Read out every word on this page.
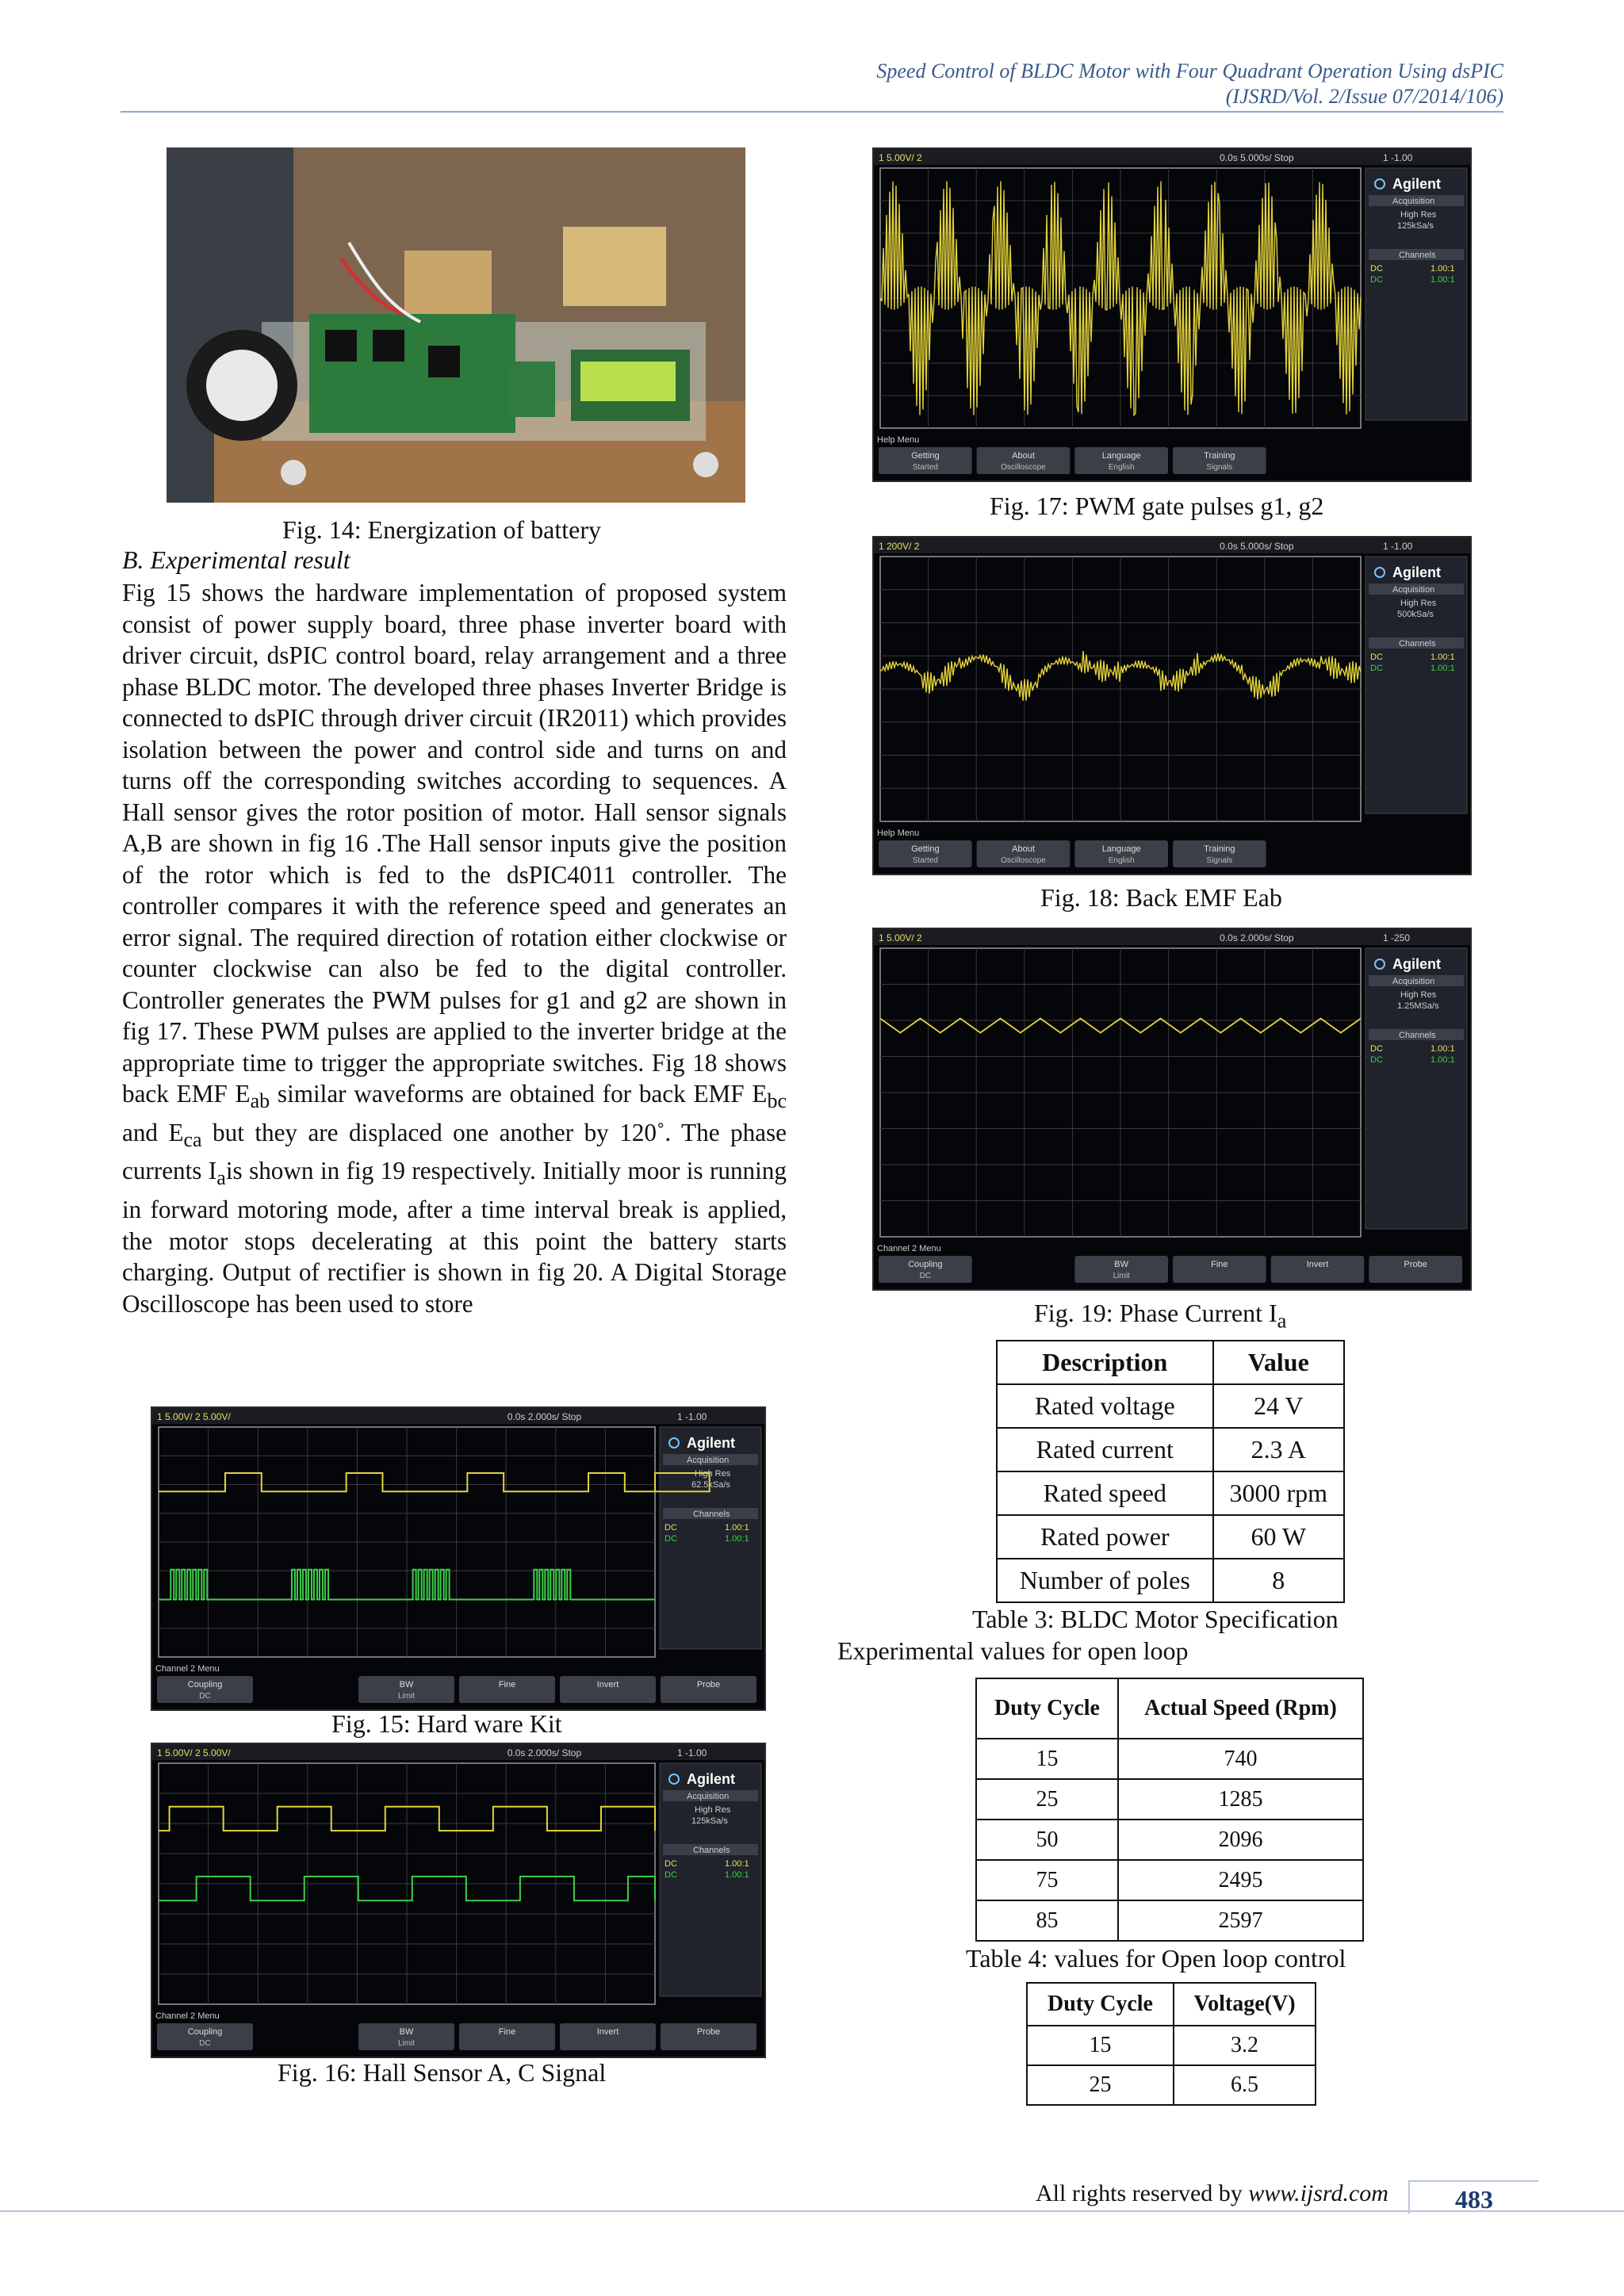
Speed Control of BLDC Motor with Four Quadrant Operation Using dsPIC
(IJSRD/Vol. 2/Issue 07/2014/106)
Fig. 14: Energization of battery
B. Experimental result

Fig 15 shows the hardware implementation of proposed system consist of power supply board, three phase inverter board with driver circuit, dsPIC control board, relay arrangement and a three phase BLDC motor. The developed three phases Inverter Bridge is connected to dsPIC through driver circuit (IR2011) which provides isolation between the power and control side and turns on and turns off the corresponding switches according to sequences. A Hall sensor gives the rotor position of motor. Hall sensor signals A,B are shown in fig 16 .The Hall sensor inputs give the position of the rotor which is fed to the dsPIC4011 controller. The controller compares it with the reference speed and generates an error signal. The required direction of rotation either clockwise or counter clockwise can also be fed to the digital controller. Controller generates the PWM pulses for g1 and g2 are shown in fig 17. These PWM pulses are applied to the inverter bridge at the appropriate time to trigger the appropriate switches. Fig 18 shows back EMF $E_{ab}$ similar waveforms are obtained for back EMF $E_{bc}$ and $E_{ca}$ but they are displaced one another by 120˚. The phase currents $I_ais$ shown in fig 19 respectively. Initially moor is running in forward motoring mode, after a time interval break is applied, the motor stops decelerating at this point the battery starts charging. Output of rectifier is shown in fig 20. A Digital Storage Oscilloscope has been used to store

1 5.00V/ 2 5.00V/	0.0s 2.000s/ Stop	1 -1.00
Agilent
Acquisition
High Res
62.5kSa/s
Channels
DC	1.00:1
DC	1.00:1
Channel 2 Menu
Coupling
DC
BW
Limit
Fine	Invert	Probe
Fig. 15: Hard ware Kit
1 5.00V/ 2 5.00V/	0.0s 2.000s/ Stop	1 -1.00
Agilent
Acquisition
High Res
125kSa/s
Channels
DC	1.00:1
DC	1.00:1
Channel 2 Menu
Coupling
DC
BW
Limit
Fine	Invert	Probe
Fig. 16: Hall Sensor A, C Signal
1 5.00V/ 2	0.0s 5.000s/ Stop	1 -1.00
Agilent
Acquisition
High Res
125kSa/s
Channels
DC	1.00:1
DC	1.00:1
Help Menu
Getting
Started
About
Oscilloscope
Language
English
Training
Signals
Fig. 17: PWM gate pulses g1, g2
1 200V/ 2	0.0s 5.000s/ Stop	1 -1.00
Agilent
Acquisition
High Res
500kSa/s
Channels
DC	1.00:1
DC	1.00:1
Help Menu
Getting
Started
About
Oscilloscope
Language
English
Training
Signals
Fig. 18: Back EMF Eab
1 5.00V/ 2	0.0s 2.000s/ Stop	1 -250
Agilent
Acquisition
High Res
1.25MSa/s
Channels
DC	1.00:1
DC	1.00:1
Channel 2 Menu
Coupling
DC
BW
Limit
Fine	Invert	Probe
Fig. 19: Phase Current $I_a$
Description	Value
Rated voltage	24 V
Rated current	2.3 A
Rated speed	3000 rpm
Rated power	60 W
Number of poles	8
Table 3: BLDC Motor Specification
Experimental values for open loop
Duty Cycle	Actual Speed (Rpm)
15	740
25	1285
50	2096
75	2495
85	2597
Table 4: values for Open loop control
Duty Cycle	Voltage(V)
15	3.2
25	6.5
All rights reserved by www.ijsrd.com	483
